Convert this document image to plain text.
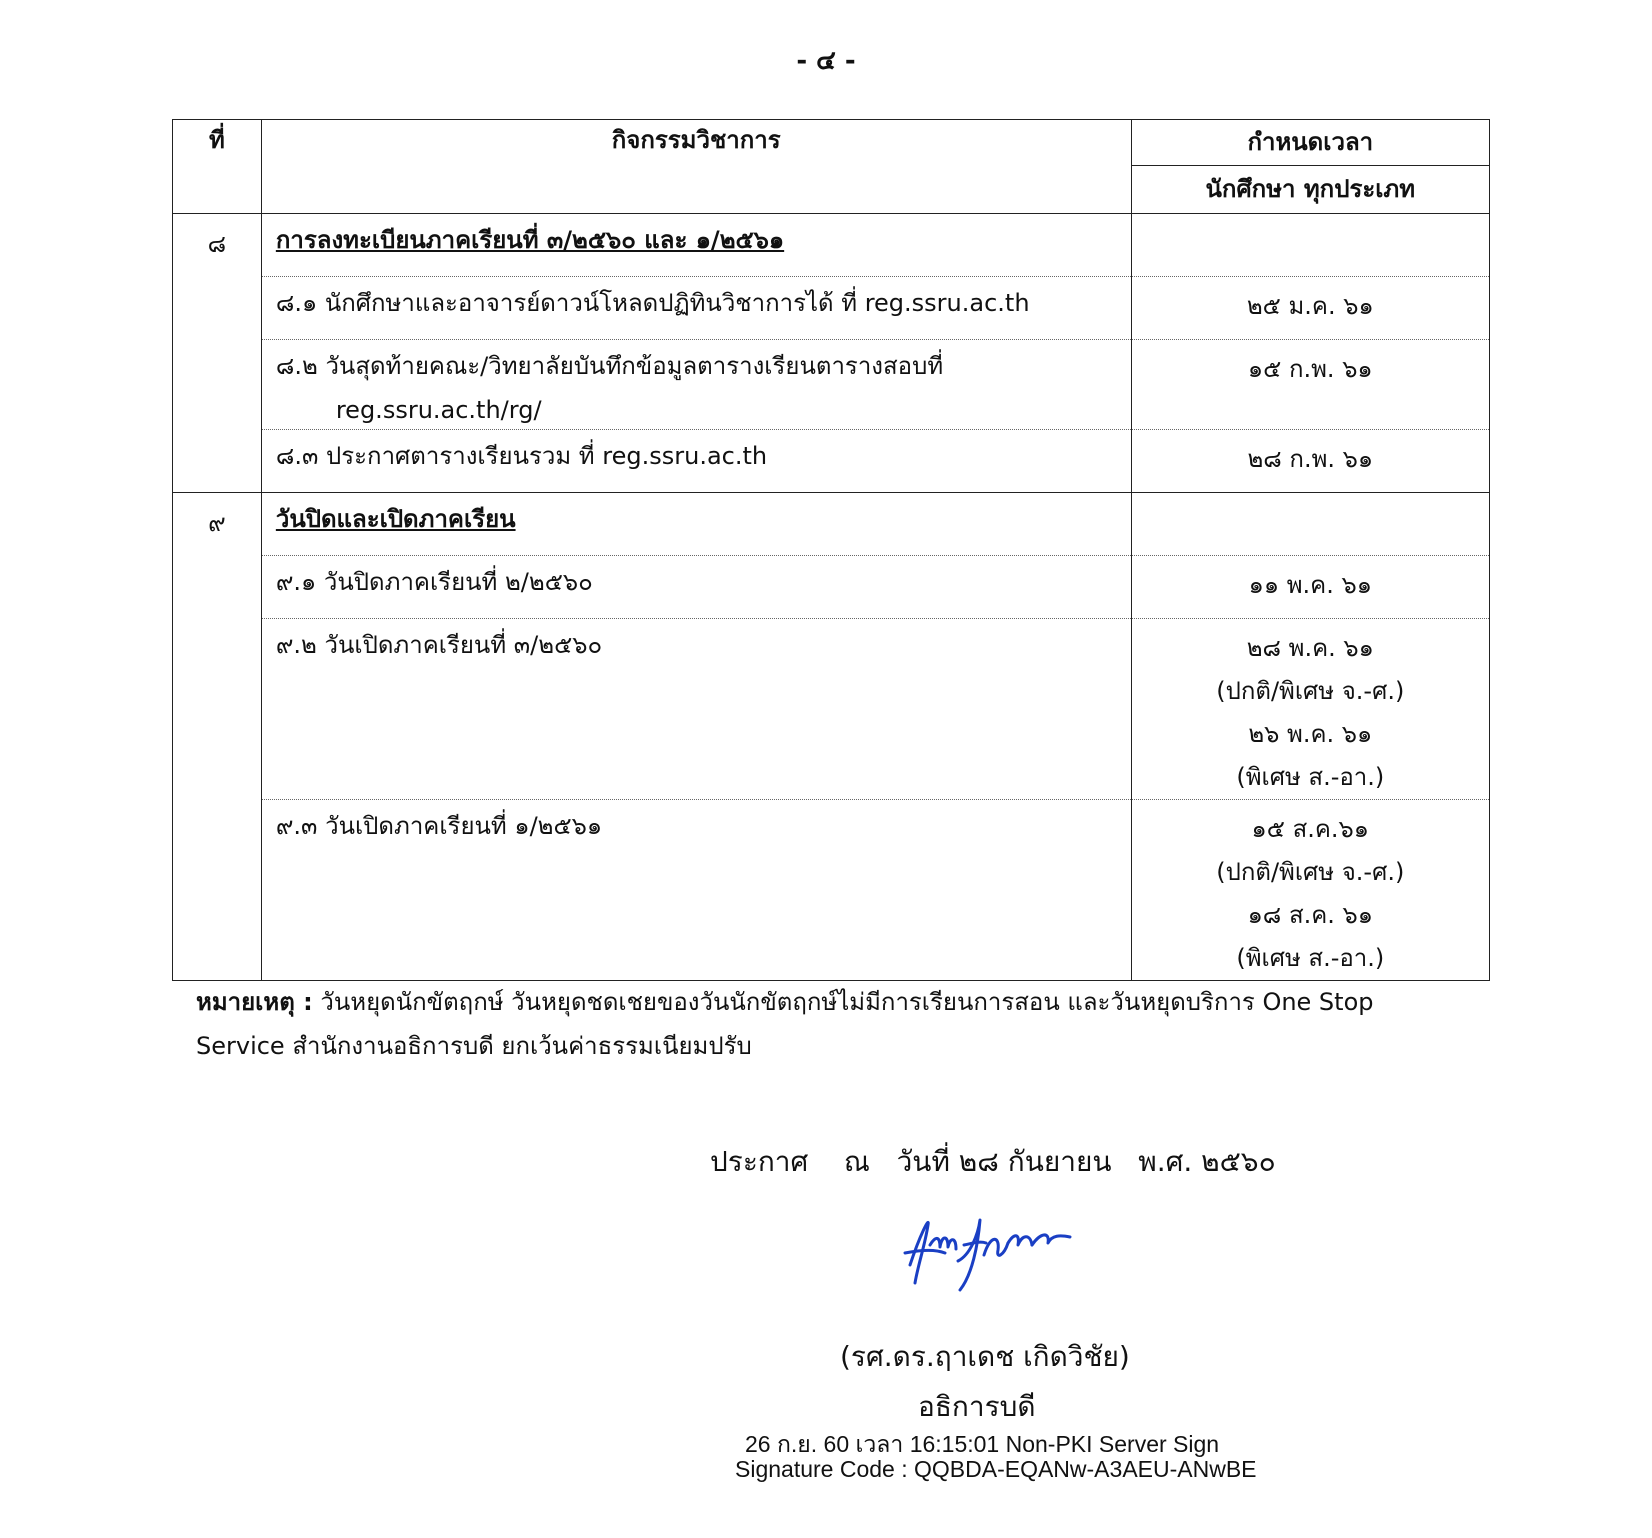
- ๔ -
ที่	กิจกรรมวิชาการ	กำหนดเวลา
นักศึกษา ทุกประเภท

๘	การลงทะเบียนภาคเรียนที่ ๓/๒๕๖๐ และ ๑/๒๕๖๑	

	๘.๑ นักศึกษาและอาจารย์ดาวน์โหลดปฏิทินวิชาการได้ ที่ reg.ssru.ac.th	๒๕ ม.ค. ๖๑

	๘.๒ วันสุดท้ายคณะ/วิทยาลัยบันทึกข้อมูลตารางเรียนตารางสอบที่
reg.ssru.ac.th/rg/	๑๕ ก.พ. ๖๑

	๘.๓ ประกาศตารางเรียนรวม ที่ reg.ssru.ac.th	๒๘ ก.พ. ๖๑

๙	วันปิดและเปิดภาคเรียน	

	๙.๑ วันปิดภาคเรียนที่ ๒/๒๕๖๐	๑๑ พ.ค. ๖๑

	๙.๒ วันเปิดภาคเรียนที่ ๓/๒๕๖๐	๒๘ พ.ค. ๖๑
(ปกติ/พิเศษ จ.-ศ.)
๒๖ พ.ค. ๖๑
(พิเศษ ส.-อา.)

	๙.๓ วันเปิดภาคเรียนที่ ๑/๒๕๖๑	๑๕ ส.ค.๖๑
(ปกติ/พิเศษ จ.-ศ.)
๑๘ ส.ค. ๖๑
(พิเศษ ส.-อา.)
หมายเหตุ : วันหยุดนักขัตฤกษ์ วันหยุดชดเชยของวันนักขัตฤกษ์ไม่มีการเรียนการสอน และวันหยุดบริการ One Stop
Service สำนักงานอธิการบดี ยกเว้นค่าธรรมเนียมปรับ
ประกาศ    ณ   วันที่ ๒๘ กันยายน   พ.ศ. ๒๕๖๐
(รศ.ดร.ฤาเดช เกิดวิชัย)
อธิการบดี
26 ก.ย. 60 เวลา 16:15:01 Non-PKI Server Sign
Signature Code : QQBDA-EQANw-A3AEU-ANwBE
